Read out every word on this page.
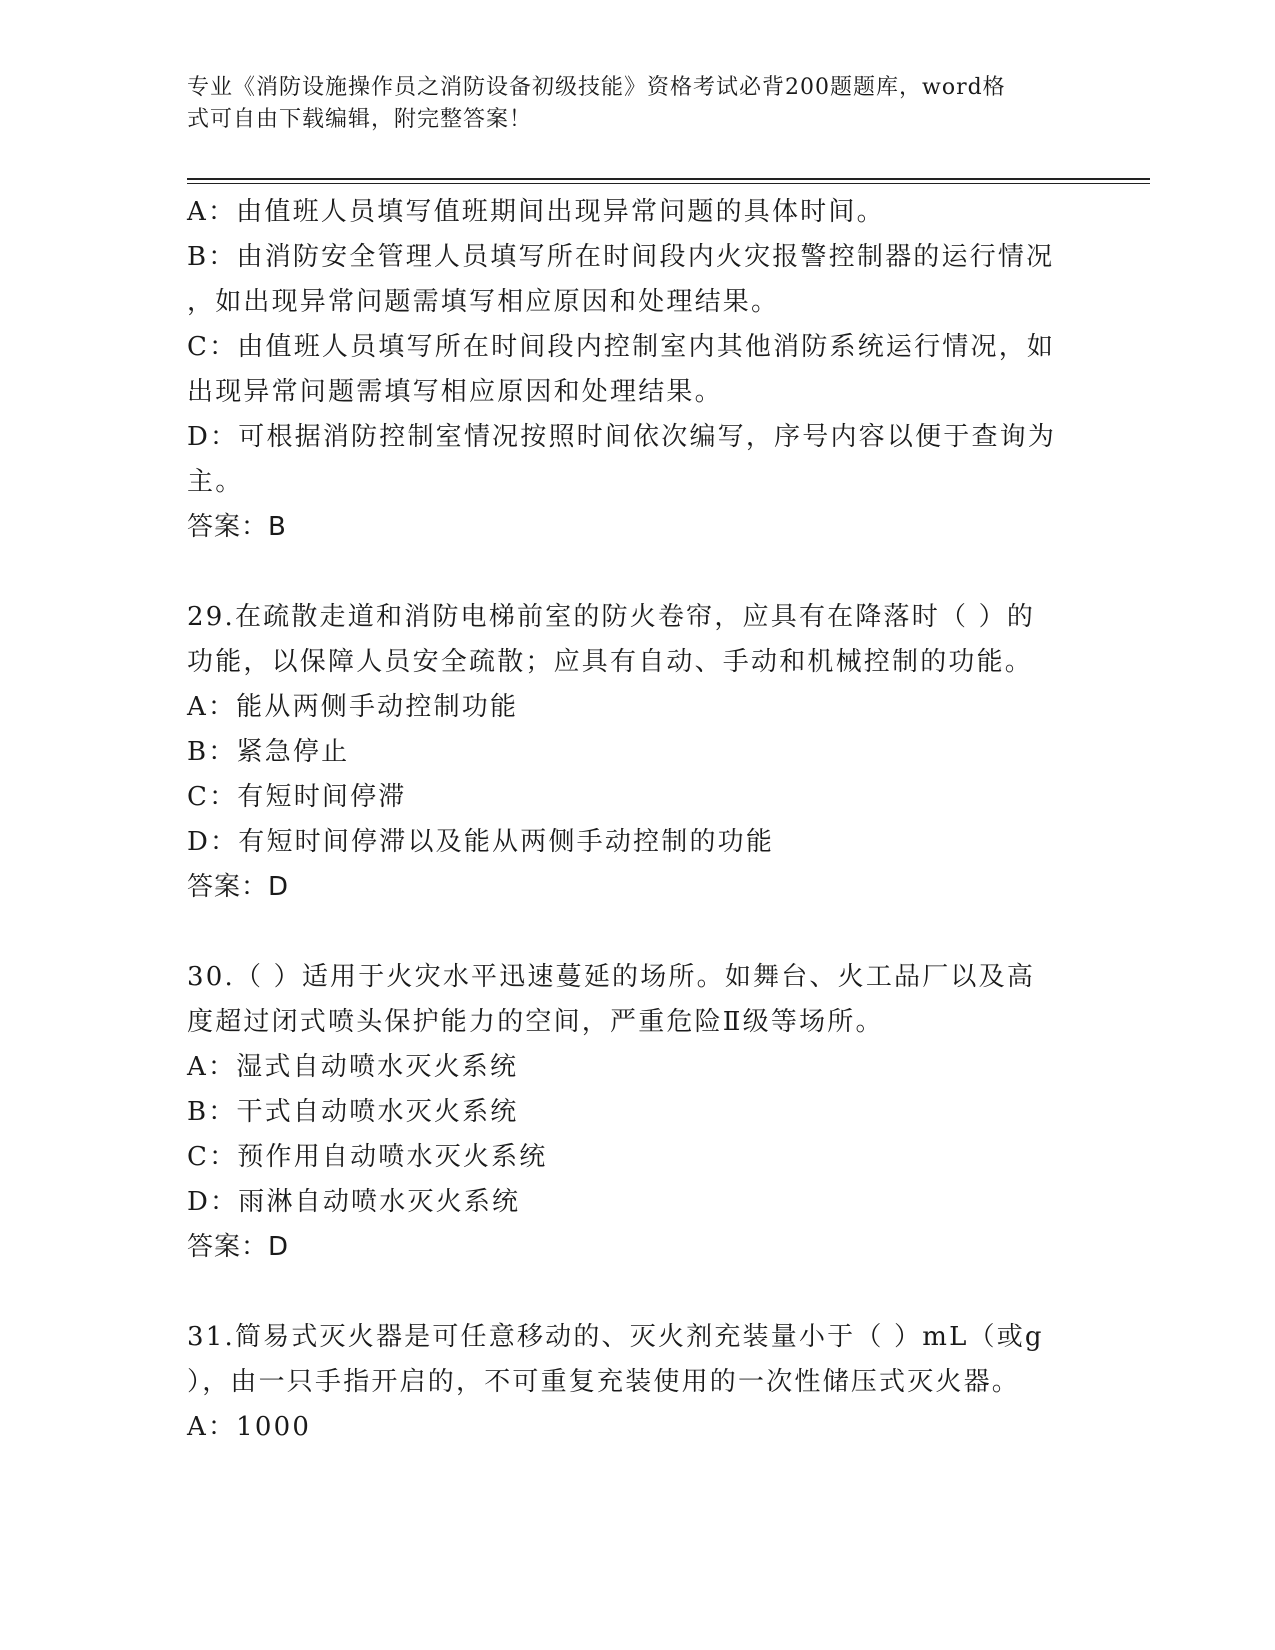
专业《消防设施操作员之消防设备初级技能》资格考试必背200题题库，word格
式可自由下载编辑，附完整答案！
A：由值班人员填写值班期间出现异常问题的具体时间。
B：由消防安全管理人员填写所在时间段内火灾报警控制器的运行情况
，如出现异常问题需填写相应原因和处理结果。
C：由值班人员填写所在时间段内控制室内其他消防系统运行情况，如
出现异常问题需填写相应原因和处理结果。
D：可根据消防控制室情况按照时间依次编写，序号内容以便于查询为
主。
答案：B
29.在疏散走道和消防电梯前室的防火卷帘，应具有在降落时（ ）的
功能，以保障人员安全疏散；应具有自动、手动和机械控制的功能。
A：能从两侧手动控制功能
B：紧急停止
C：有短时间停滞
D：有短时间停滞以及能从两侧手动控制的功能
答案：D
30.（ ）适用于火灾水平迅速蔓延的场所。如舞台、火工品厂以及高
度超过闭式喷头保护能力的空间，严重危险Ⅱ级等场所。
A：湿式自动喷水灭火系统
B：干式自动喷水灭火系统
C：预作用自动喷水灭火系统
D：雨淋自动喷水灭火系统
答案：D
31.简易式灭火器是可任意移动的、灭火剂充装量小于（ ）mL（或g
），由一只手指开启的，不可重复充装使用的一次性储压式灭火器。
A：1000
